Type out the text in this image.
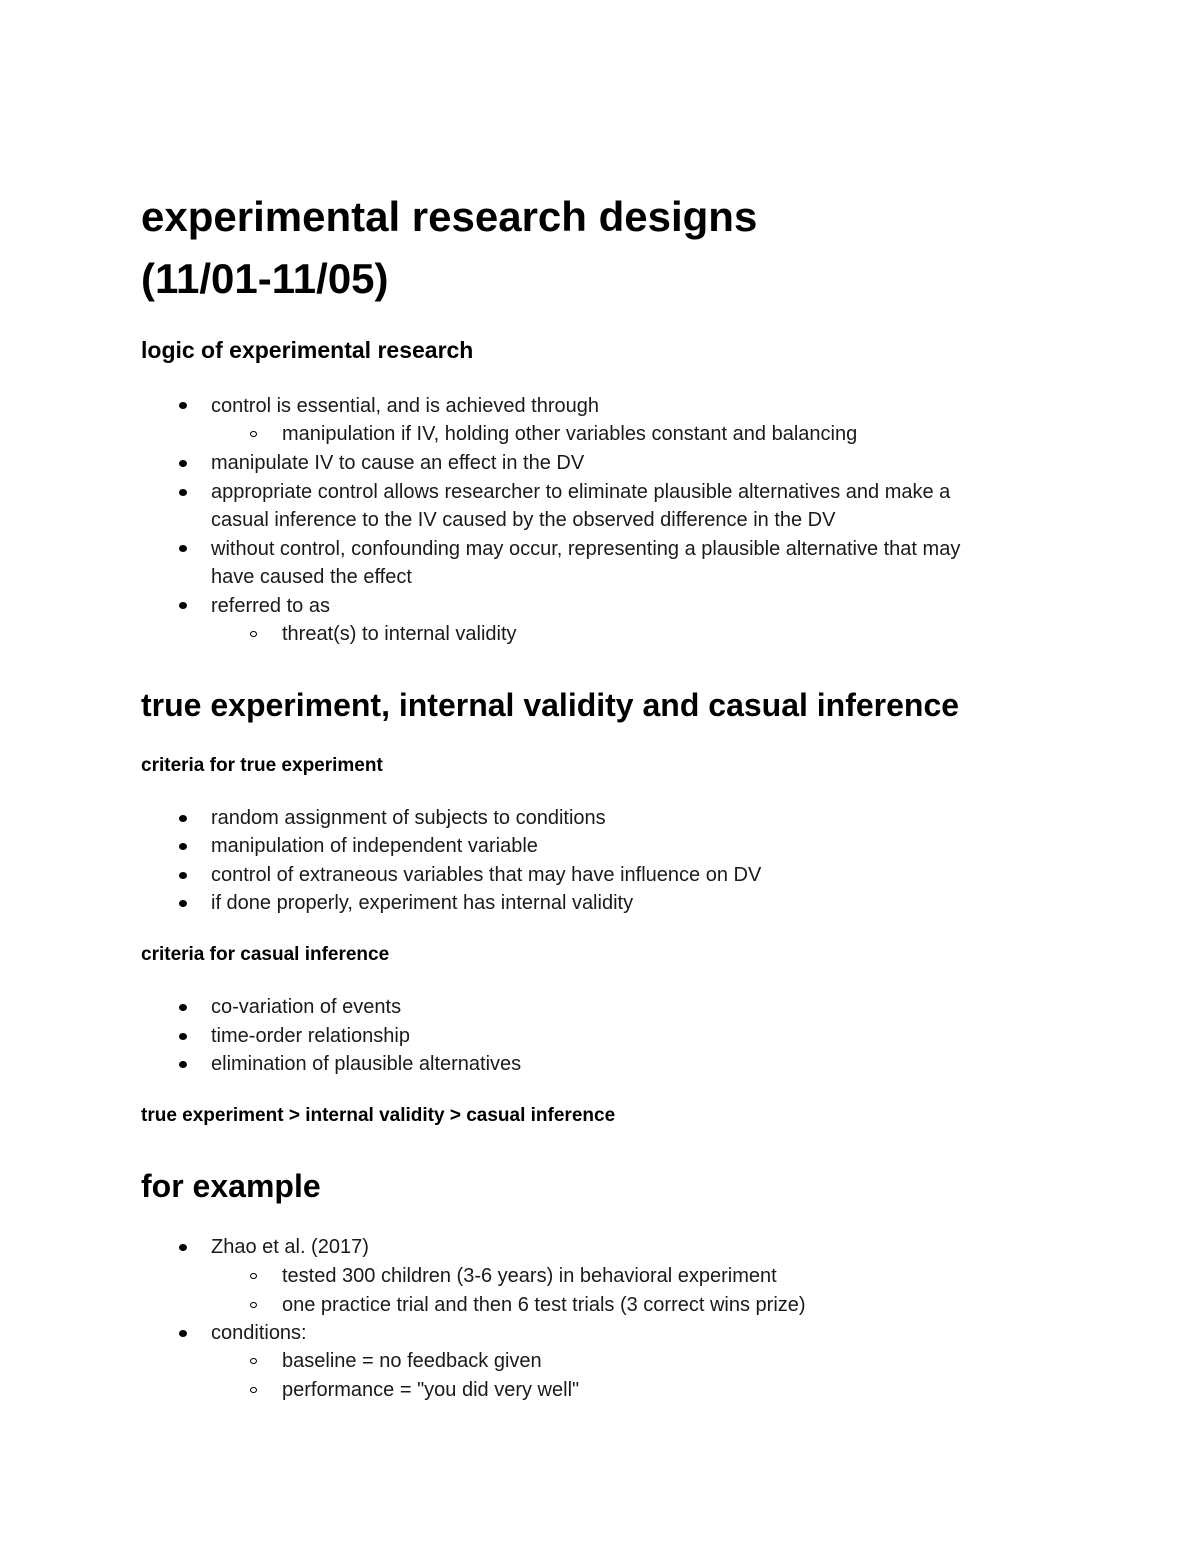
experimental research designs
(11/01-11/05)
logic of experimental research
control is essential, and is achieved through
manipulation if IV, holding other variables constant and balancing
manipulate IV to cause an effect in the DV
appropriate control allows researcher to eliminate plausible alternatives and make a
casual inference to the IV caused by the observed difference in the DV
without control, confounding may occur, representing a plausible alternative that may
have caused the effect
referred to as
threat(s) to internal validity
true experiment, internal validity and casual inference
criteria for true experiment
random assignment of subjects to conditions
manipulation of independent variable
control of extraneous variables that may have influence on DV
if done properly, experiment has internal validity
criteria for casual inference
co-variation of events
time-order relationship
elimination of plausible alternatives
true experiment > internal validity > casual inference
for example
Zhao et al. (2017)
tested 300 children (3-6 years) in behavioral experiment
one practice trial and then 6 test trials (3 correct wins prize)
conditions:
baseline = no feedback given
performance = "you did very well"
